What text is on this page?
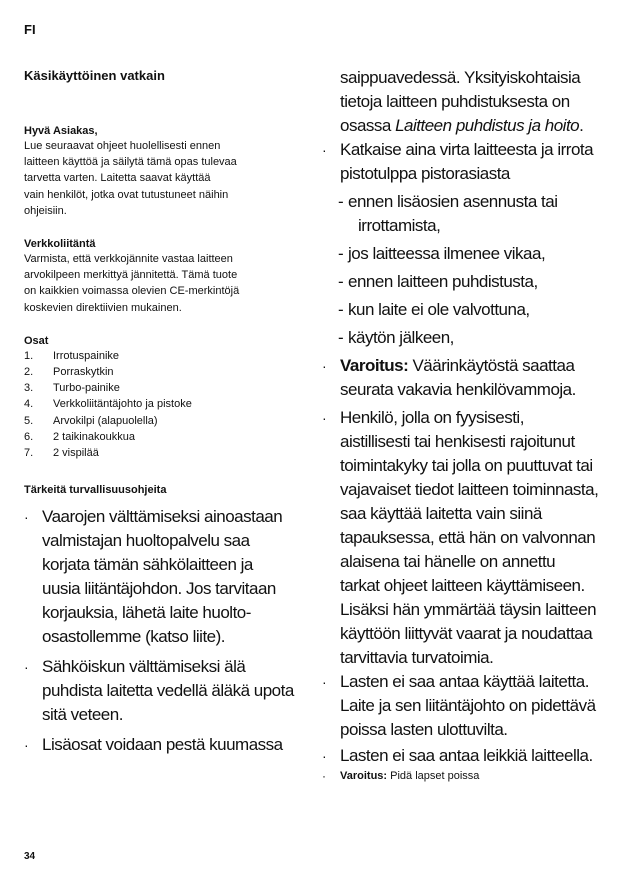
FI
Käsikäyttöinen vatkain
Hyvä Asiakas,
Lue seuraavat ohjeet huolellisesti ennen
laitteen käyttöä ja säilytä tämä opas tulevaa
tarvetta varten. Laitetta saavat käyttää
vain henkilöt, jotka ovat tutustuneet näihin
ohjeisiin.
Verkkoliitäntä
Varmista, että verkkojännite vastaa laitteen
arvokilpeen merkittyä jännitettä. Tämä tuote
on kaikkien voimassa olevien CE-merkintöjä
koskevien direktiivien mukainen.
Osat
1.	Irrotuspainike
2.	Porraskytkin
3.	Turbo-painike
4.	Verkkoliitäntäjohto ja pistoke
5.	Arvokilpi (alapuolella)
6.	2 taikinakoukkua
7.	2 vispilää
Tärkeitä turvallisuusohjeita
· Vaarojen välttämiseksi ainoastaan
valmistajan huoltopalvelu saa
korjata tämän sähkölaitteen ja
uusia liitäntäjohdon. Jos tarvitaan
korjauksia, lähetä laite huolto-
osastollemme (katso liite).
· Sähköiskun välttämiseksi älä
puhdista laitetta vedellä äläkä upota
sitä veteen.
· Lisäosat voidaan pestä kuumassa
saippuavedessä. Yksityiskohtaisia
tietoja laitteen puhdistuksesta on
osassa Laitteen puhdistus ja hoito.
· Katkaise aina virta laitteesta ja irrota
pistotulppa pistorasiasta
- ennen lisäosien asennusta tai
irrottamista,
- jos laitteessa ilmenee vikaa,
- ennen laitteen puhdistusta,
- kun laite ei ole valvottuna,
- käytön jälkeen,
· Varoitus: Väärinkäytöstä saattaa
seurata vakavia henkilövammoja.
· Henkilö, jolla on fyysisesti,
aistillisesti tai henkisesti rajoitunut
toimintakyky tai jolla on puuttuvat tai
vajavaiset tiedot laitteen toiminnasta,
saa käyttää laitetta vain siinä
tapauksessa, että hän on valvonnan
alaisena tai hänelle on annettu
tarkat ohjeet laitteen käyttämiseen.
Lisäksi hän ymmärtää täysin laitteen
käyttöön liittyvät vaarat ja noudattaa
tarvittavia turvatoimia.
· Lasten ei saa antaa käyttää laitetta.
Laite ja sen liitäntäjohto on pidettävä
poissa lasten ulottuvilta.
· Lasten ei saa antaa leikkiä laitteella.
· Varoitus: Pidä lapset poissa
34
